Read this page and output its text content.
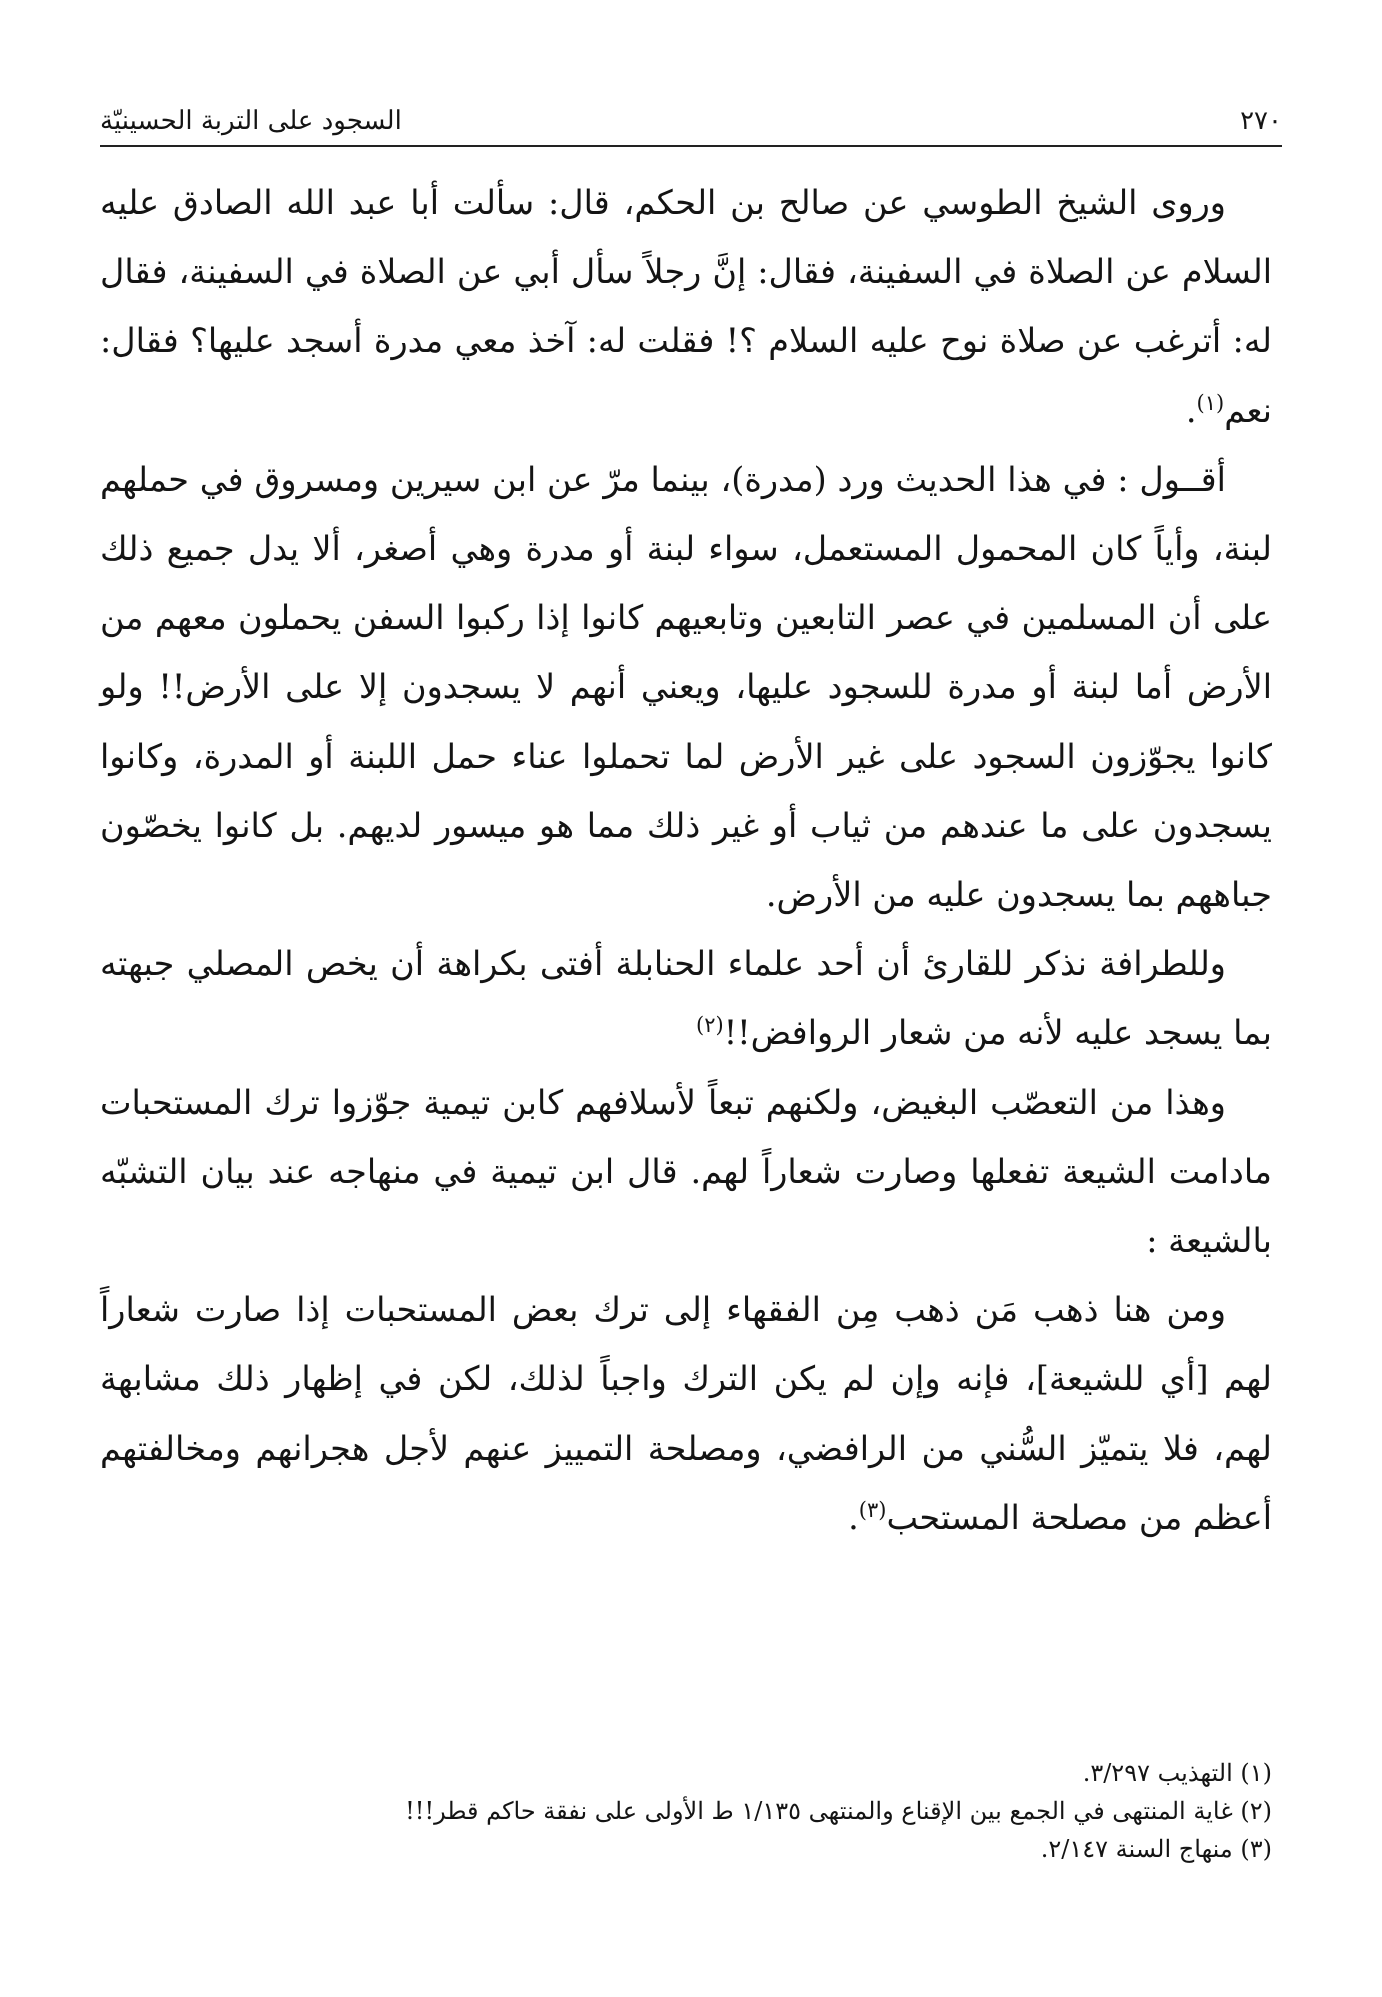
٢٧٠
السجود على التربة الحسينيّة

وروى الشيخ الطوسي عن صالح بن الحكم، قال: سألت أبا عبد الله الصادق عليه السلام عن الصلاة في السفينة، فقال: إنَّ رجلاً سأل أبي عن الصلاة في السفينة، فقال له: أترغب عن صلاة نوح عليه السلام ؟! فقلت له: آخذ معي مدرة أسجد عليها؟ فقال: نعم$^{(١)}$.

أقــول : في هذا الحديث ورد (مدرة)، بينما مرّ عن ابن سيرين ومسروق في حملهم لبنة، وأياً كان المحمول المستعمل، سواء لبنة أو مدرة وهي أصغر، ألا يدل جميع ذلك على أن المسلمين في عصر التابعين وتابعيهم كانوا إذا ركبوا السفن يحملون معهم من الأرض أما لبنة أو مدرة للسجود عليها، ويعني أنهم لا يسجدون إلا على الأرض!! ولو كانوا يجوّزون السجود على غير الأرض لما تحملوا عناء حمل اللبنة أو المدرة، وكانوا يسجدون على ما عندهم من ثياب أو غير ذلك مما هو ميسور لديهم. بل كانوا يخصّون جباههم بما يسجدون عليه من الأرض.

وللطرافة نذكر للقارئ أن أحد علماء الحنابلة أفتى بكراهة أن يخص المصلي جبهته بما يسجد عليه لأنه من شعار الروافض!!$^{(٢)}$

وهذا من التعصّب البغيض، ولكنهم تبعاً لأسلافهم كابن تيمية جوّزوا ترك المستحبات مادامت الشيعة تفعلها وصارت شعاراً لهم. قال ابن تيمية في منهاجه عند بيان التشبّه بالشيعة :

ومن هنا ذهب مَن ذهب مِن الفقهاء إلى ترك بعض المستحبات إذا صارت شعاراً لهم [أي للشيعة]، فإنه وإن لم يكن الترك واجباً لذلك، لكن في إظهار ذلك مشابهة لهم، فلا يتميّز السُّني من الرافضي، ومصلحة التمييز عنهم لأجل هجرانهم ومخالفتهم أعظم من مصلحة المستحب$^{(٣)}$.

(١) التهذيب ٣/٢٩٧.

(٢) غاية المنتهى في الجمع بين الإقناع والمنتهى ١/١٣٥ ط الأولى على نفقة حاكم قطر!!!

(٣) منهاج السنة ٢/١٤٧.
